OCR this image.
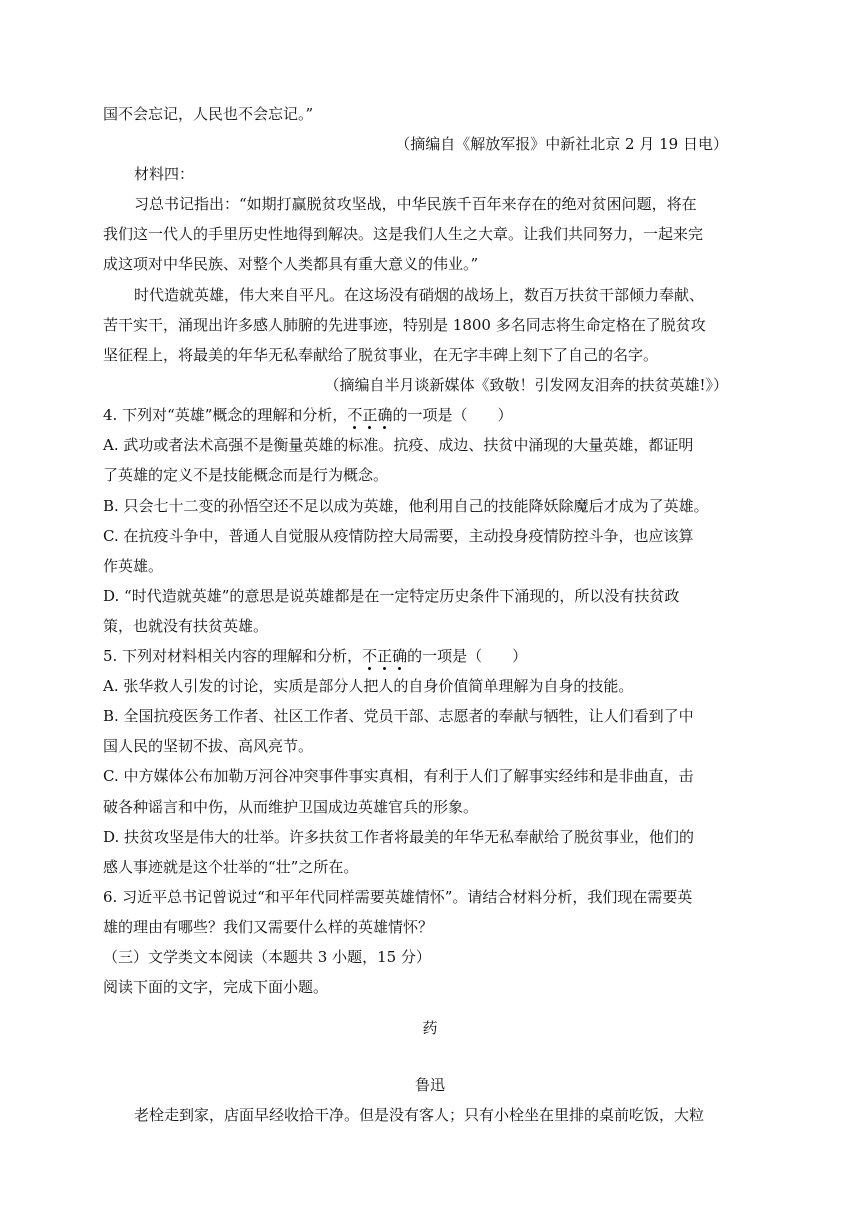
国不会忘记，人民也不会忘记。”
（摘编自《解放军报》中新社北京 2 月 19 日电）
材料四：
习总书记指出：“如期打赢脱贫攻坚战，中华民族千百年来存在的绝对贫困问题，将在
我们这一代人的手里历史性地得到解决。这是我们人生之大章。让我们共同努力，一起来完
成这项对中华民族、对整个人类都具有重大意义的伟业。”
时代造就英雄，伟大来自平凡。在这场没有硝烟的战场上，数百万扶贫干部倾力奉献、
苦干实干，涌现出许多感人肺腑的先进事迹，特别是 1800 多名同志将生命定格在了脱贫攻
坚征程上，将最美的年华无私奉献给了脱贫事业，在无字丰碑上刻下了自己的名字。
（摘编自半月谈新媒体《致敬！引发网友泪奔的扶贫英雄!》）
4. 下列对“英雄”概念的理解和分析，不正确的一项是（　　）
A. 武功或者法术高强不是衡量英雄的标准。抗疫、成边、扶贫中涌现的大量英雄，都证明
了英雄的定义不是技能概念而是行为概念。
B. 只会七十二变的孙悟空还不足以成为英雄，他利用自己的技能降妖除魔后才成为了英雄。
C. 在抗疫斗争中，普通人自觉服从疫情防控大局需要，主动投身疫情防控斗争，也应该算
作英雄。
D. “时代造就英雄”的意思是说英雄都是在一定特定历史条件下涌现的，所以没有扶贫政
策，也就没有扶贫英雄。
5. 下列对材料相关内容的理解和分析，不正确的一项是（　　）
A. 张华救人引发的讨论，实质是部分人把人的自身价值简单理解为自身的技能。
B. 全国抗疫医务工作者、社区工作者、党员干部、志愿者的奉献与牺牲，让人们看到了中
国人民的坚韧不拔、高风亮节。
C. 中方媒体公布加勒万河谷冲突事件事实真相，有利于人们了解事实经纬和是非曲直，击
破各种谣言和中伤，从而维护卫国成边英雄官兵的形象。
D. 扶贫攻坚是伟大的壮举。许多扶贫工作者将最美的年华无私奉献给了脱贫事业，他们的
感人事迹就是这个壮举的“壮”之所在。
6. 习近平总书记曾说过“和平年代同样需要英雄情怀”。请结合材料分析，我们现在需要英
雄的理由有哪些？我们又需要什么样的英雄情怀？
（三）文学类文本阅读（本题共 3 小题，15 分）
阅读下面的文字，完成下面小题。
药
鲁迅
老栓走到家，店面早经收拾干净。但是没有客人；只有小栓坐在里排的桌前吃饭，大粒
